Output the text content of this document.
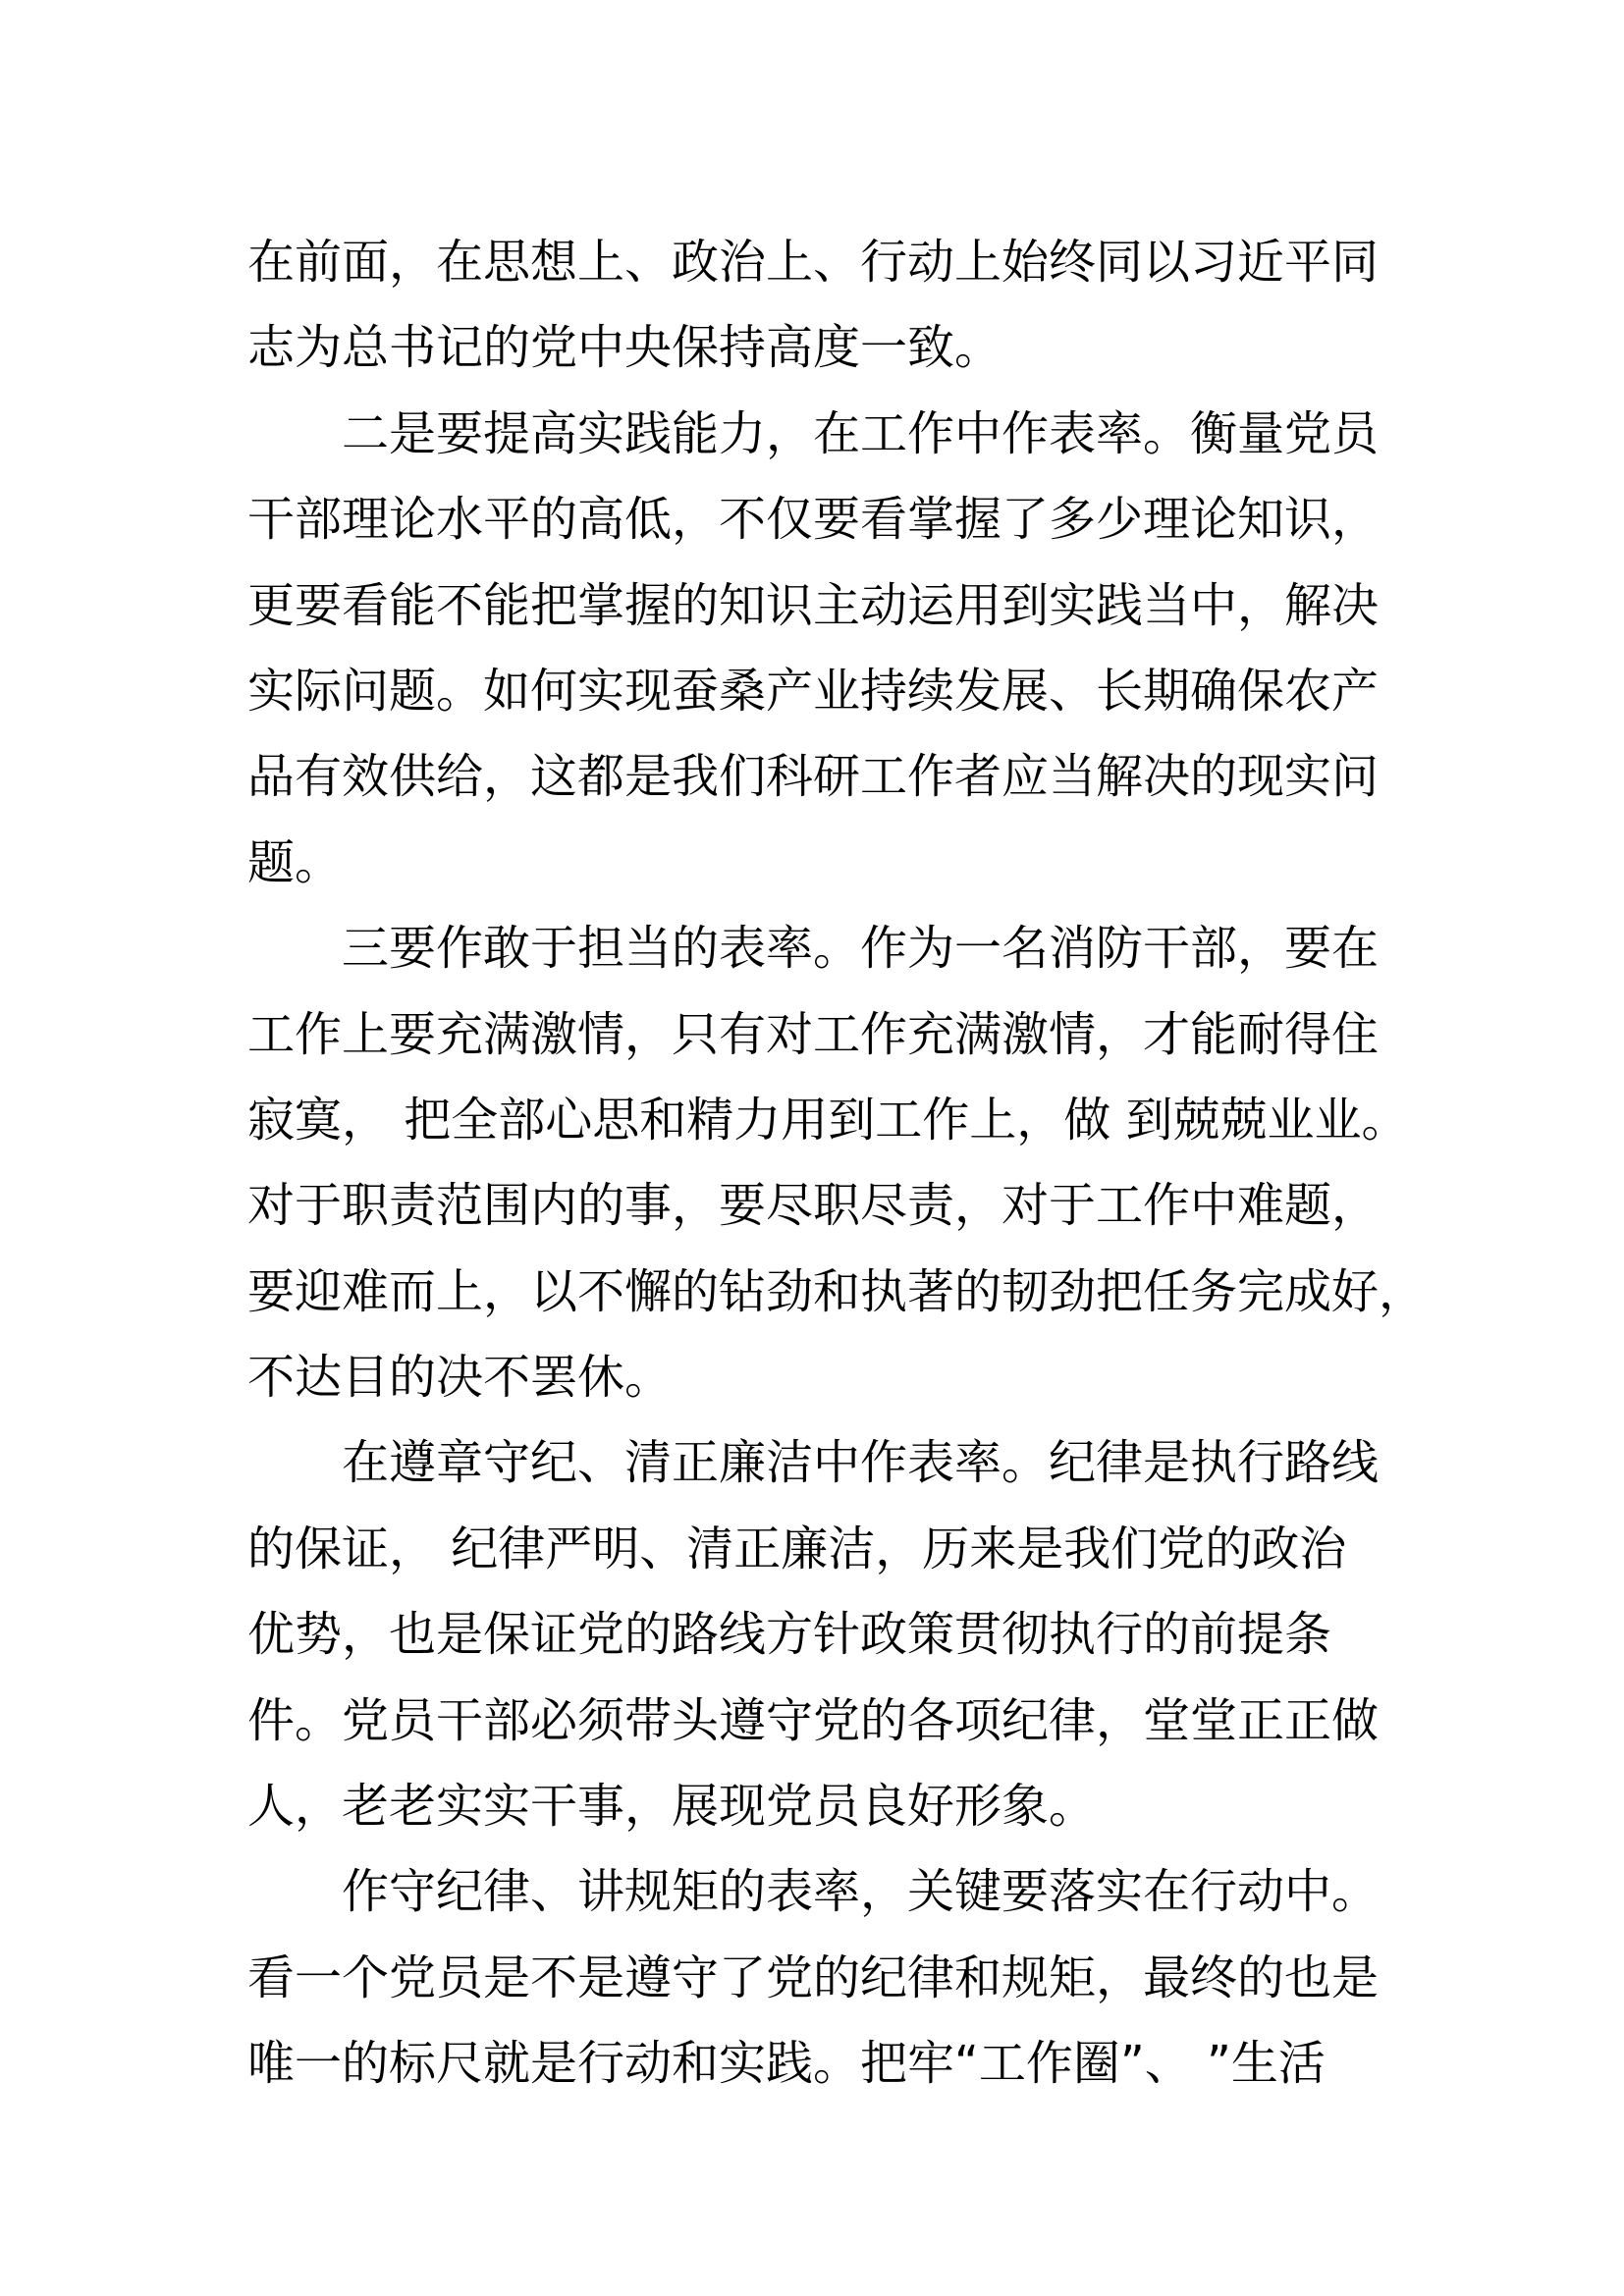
在前面，在思想上、政治上、行动上始终同以习近平同
志为总书记的党中央保持高度一致。
二是要提高实践能力，在工作中作表率。衡量党员
干部理论水平的高低，不仅要看掌握了多少理论知识，
更要看能不能把掌握的知识主动运用到实践当中，解决
实际问题。如何实现蚕桑产业持续发展、长期确保农产
品有效供给，这都是我们科研工作者应当解决的现实问
题。
三要作敢于担当的表率。作为一名消防干部，要在
工作上要充满激情，只有对工作充满激情，才能耐得住
寂寞， 把全部心思和精力用到工作上，做 到兢兢业业。
对于职责范围内的事，要尽职尽责，对于工作中难题，
要迎难而上，以不懈的钻劲和执著的韧劲把任务完成好，
不达目的决不罢休。
在遵章守纪、清正廉洁中作表率。纪律是执行路线
的保证， 纪律严明、清正廉洁，历来是我们党的政治
优势，也是保证党的路线方针政策贯彻执行的前提条
件。党员干部必须带头遵守党的各项纪律，堂堂正正做
人，老老实实干事，展现党员良好形象。
作守纪律、讲规矩的表率，关键要落实在行动中。
看一个党员是不是遵守了党的纪律和规矩，最终的也是
唯一的标尺就是行动和实践。把牢“工作圈”、 ”生活
